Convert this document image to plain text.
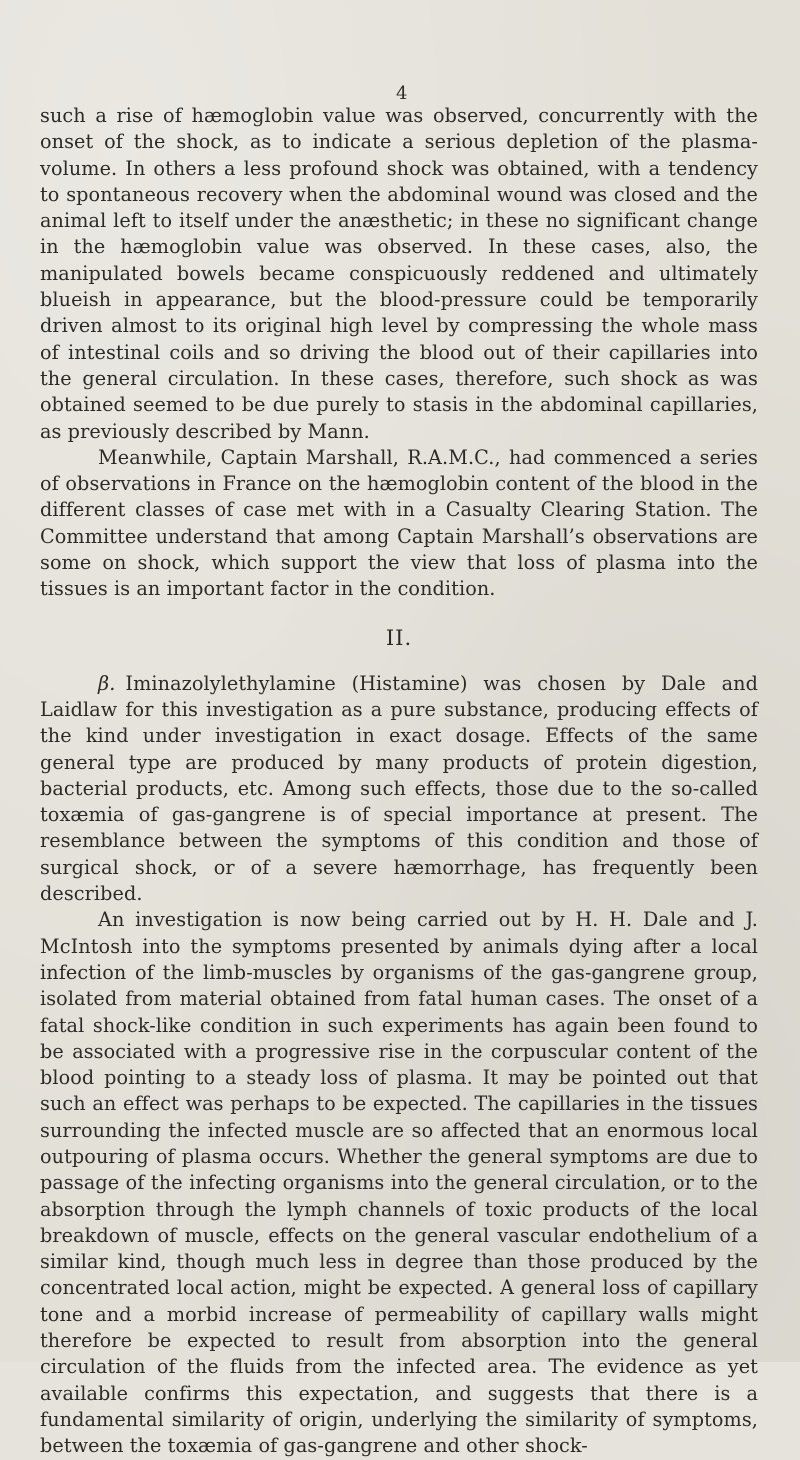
4

such a rise of hæmoglobin value was observed, concurrently with the onset of the shock, as to indicate a serious depletion of the plasma-volume. In others a less profound shock was obtained, with a tendency to spontaneous recovery when the abdominal wound was closed and the animal left to itself under the anæsthetic; in these no significant change in the hæmoglobin value was observed. In these cases, also, the manipulated bowels became conspicuously reddened and ultimately blueish in appearance, but the blood-pressure could be temporarily driven almost to its original high level by compressing the whole mass of intestinal coils and so driving the blood out of their capillaries into the general circulation. In these cases, therefore, such shock as was obtained seemed to be due purely to stasis in the abdominal capillaries, as previously described by Mann.

Meanwhile, Captain Marshall, R.A.M.C., had commenced a series of observations in France on the hæmoglobin content of the blood in the different classes of case met with in a Casualty Clearing Station. The Committee understand that among Captain Marshall’s observations are some on shock, which support the view that loss of plasma into the tissues is an important factor in the condition.

II.

β. Iminazolylethylamine (Histamine) was chosen by Dale and Laidlaw for this investigation as a pure substance, producing effects of the kind under investigation in exact dosage. Effects of the same general type are produced by many products of protein digestion, bacterial products, etc. Among such effects, those due to the so-called toxæmia of gas-gangrene is of special importance at present. The resemblance between the symptoms of this condition and those of surgical shock, or of a severe hæmorrhage, has frequently been described.

An investigation is now being carried out by H. H. Dale and J. McIntosh into the symptoms presented by animals dying after a local infection of the limb-muscles by organisms of the gas-gangrene group, isolated from material obtained from fatal human cases. The onset of a fatal shock-like condition in such experiments has again been found to be associated with a progressive rise in the corpuscular content of the blood pointing to a steady loss of plasma. It may be pointed out that such an effect was perhaps to be expected. The capillaries in the tissues surrounding the infected muscle are so affected that an enormous local outpouring of plasma occurs. Whether the general symptoms are due to passage of the infecting organisms into the general circulation, or to the absorption through the lymph channels of toxic products of the local breakdown of muscle, effects on the general vascular endothelium of a similar kind, though much less in degree than those produced by the concentrated local action, might be expected. A general loss of capillary tone and a morbid increase of permeability of capillary walls might therefore be expected to result from absorption into the general circulation of the fluids from the infected area. The evidence as yet available confirms this expectation, and suggests that there is a fundamental similarity of origin, underlying the similarity of symptoms, between the toxæmia of gas-gangrene and other shock-
